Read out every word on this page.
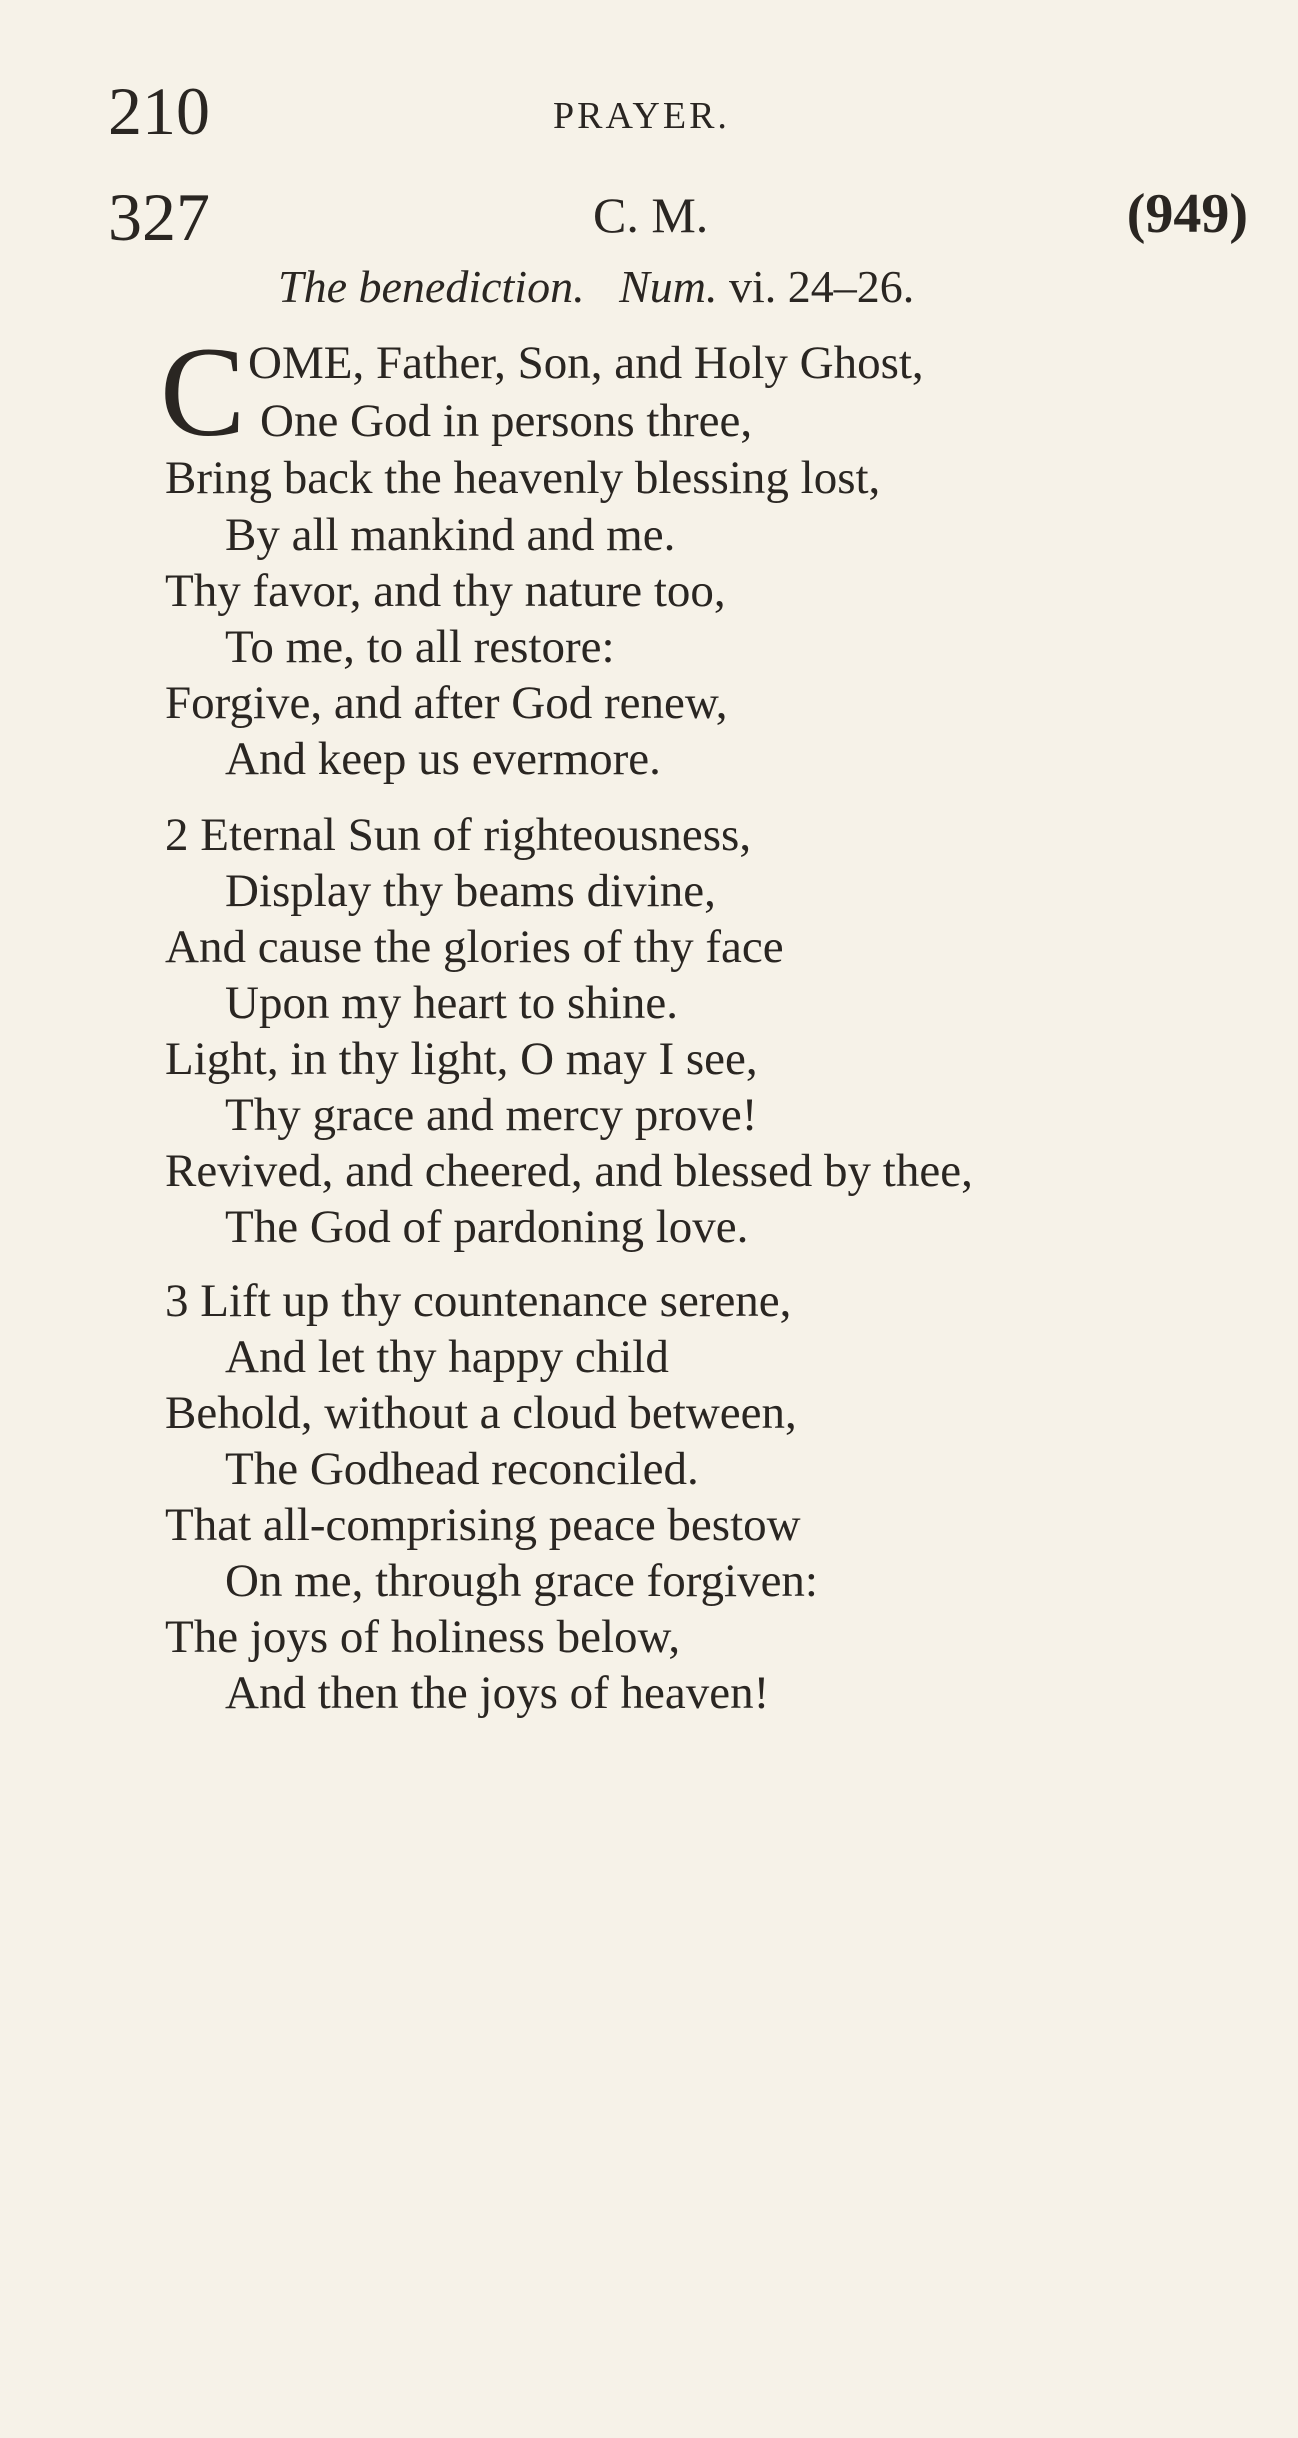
210	PRAYER.
327	C. M.	(949)
The benediction. Num. vi. 24–26.
C OME, Father, Son, and Holy Ghost,
One God in persons three,
Bring back the heavenly blessing lost,
By all mankind and me.
Thy favor, and thy nature too,
To me, to all restore:
Forgive, and after God renew,
And keep us evermore.
2 Eternal Sun of righteousness,
Display thy beams divine,
And cause the glories of thy face
Upon my heart to shine.
Light, in thy light, O may I see,
Thy grace and mercy prove!
Revived, and cheered, and blessed by thee,
The God of pardoning love.
3 Lift up thy countenance serene,
And let thy happy child
Behold, without a cloud between,
The Godhead reconciled.
That all-comprising peace bestow
On me, through grace forgiven:
The joys of holiness below,
And then the joys of heaven!
